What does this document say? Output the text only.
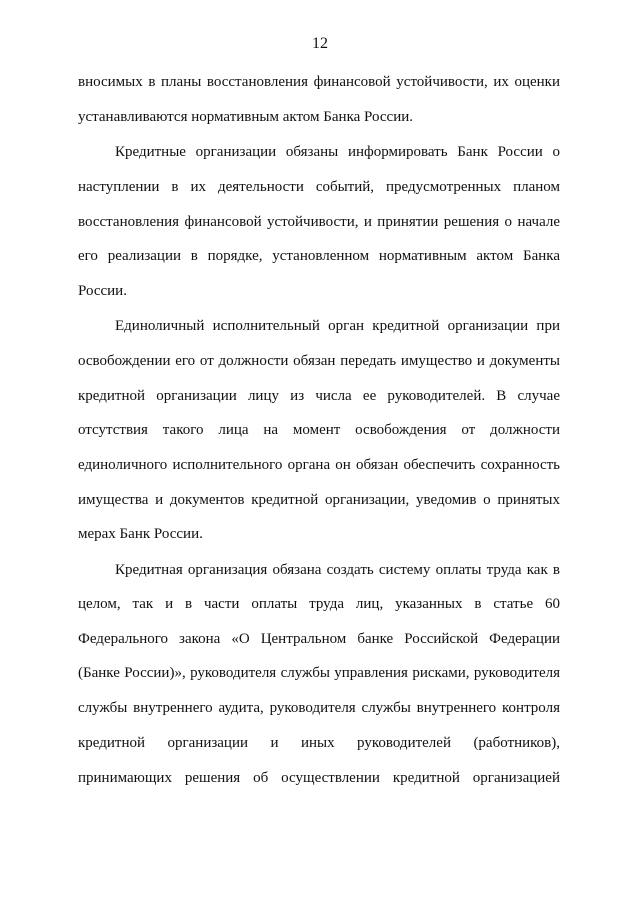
12
вносимых в планы восстановления финансовой устойчивости, их оценки
устанавливаются нормативным актом Банка России.
Кредитные организации обязаны информировать Банк России о
наступлении в их деятельности событий, предусмотренных планом
восстановления финансовой устойчивости, и принятии решения о начале
его реализации в порядке, установленном нормативным актом Банка
России.
Единоличный исполнительный орган кредитной организации при
освобождении его от должности обязан передать имущество и документы
кредитной организации лицу из числа ее руководителей. В случае
отсутствия такого лица на момент освобождения от должности
единоличного исполнительного органа он обязан обеспечить сохранность
имущества и документов кредитной организации, уведомив о принятых
мерах Банк России.
Кредитная организация обязана создать систему оплаты труда как в
целом, так и в части оплаты труда лиц, указанных в статье 60
Федерального закона «О Центральном банке Российской Федерации
(Банке России)», руководителя службы управления рисками, руководителя
службы внутреннего аудита, руководителя службы внутреннего контроля
кредитной организации и иных руководителей (работников),
принимающих решения об осуществлении кредитной организацией
